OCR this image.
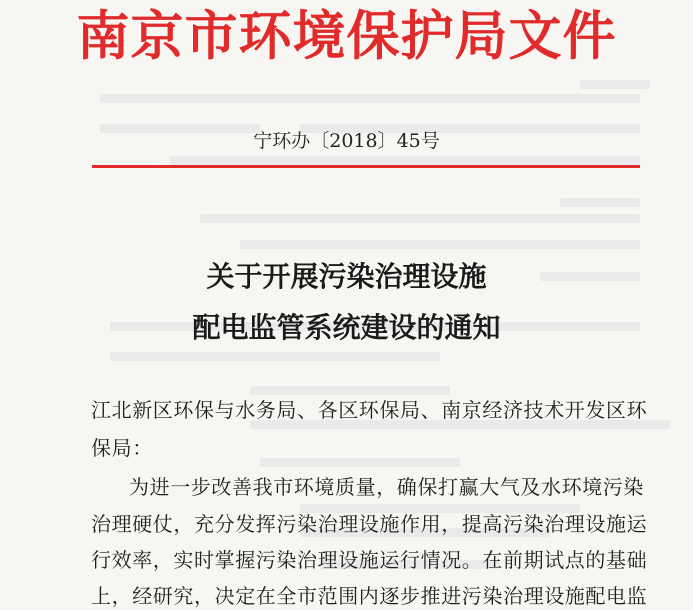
南京市环境保护局文件
宁环办〔2018〕45号
关于开展污染治理设施
配电监管系统建设的通知
江北新区环保与水务局、各区环保局、南京经济技术开发区环
保局：
为进一步改善我市环境质量，确保打赢大气及水环境污染
治理硬仗，充分发挥污染治理设施作用，提高污染治理设施运
行效率，实时掌握污染治理设施运行情况。在前期试点的基础
上，经研究，决定在全市范围内逐步推进污染治理设施配电监
